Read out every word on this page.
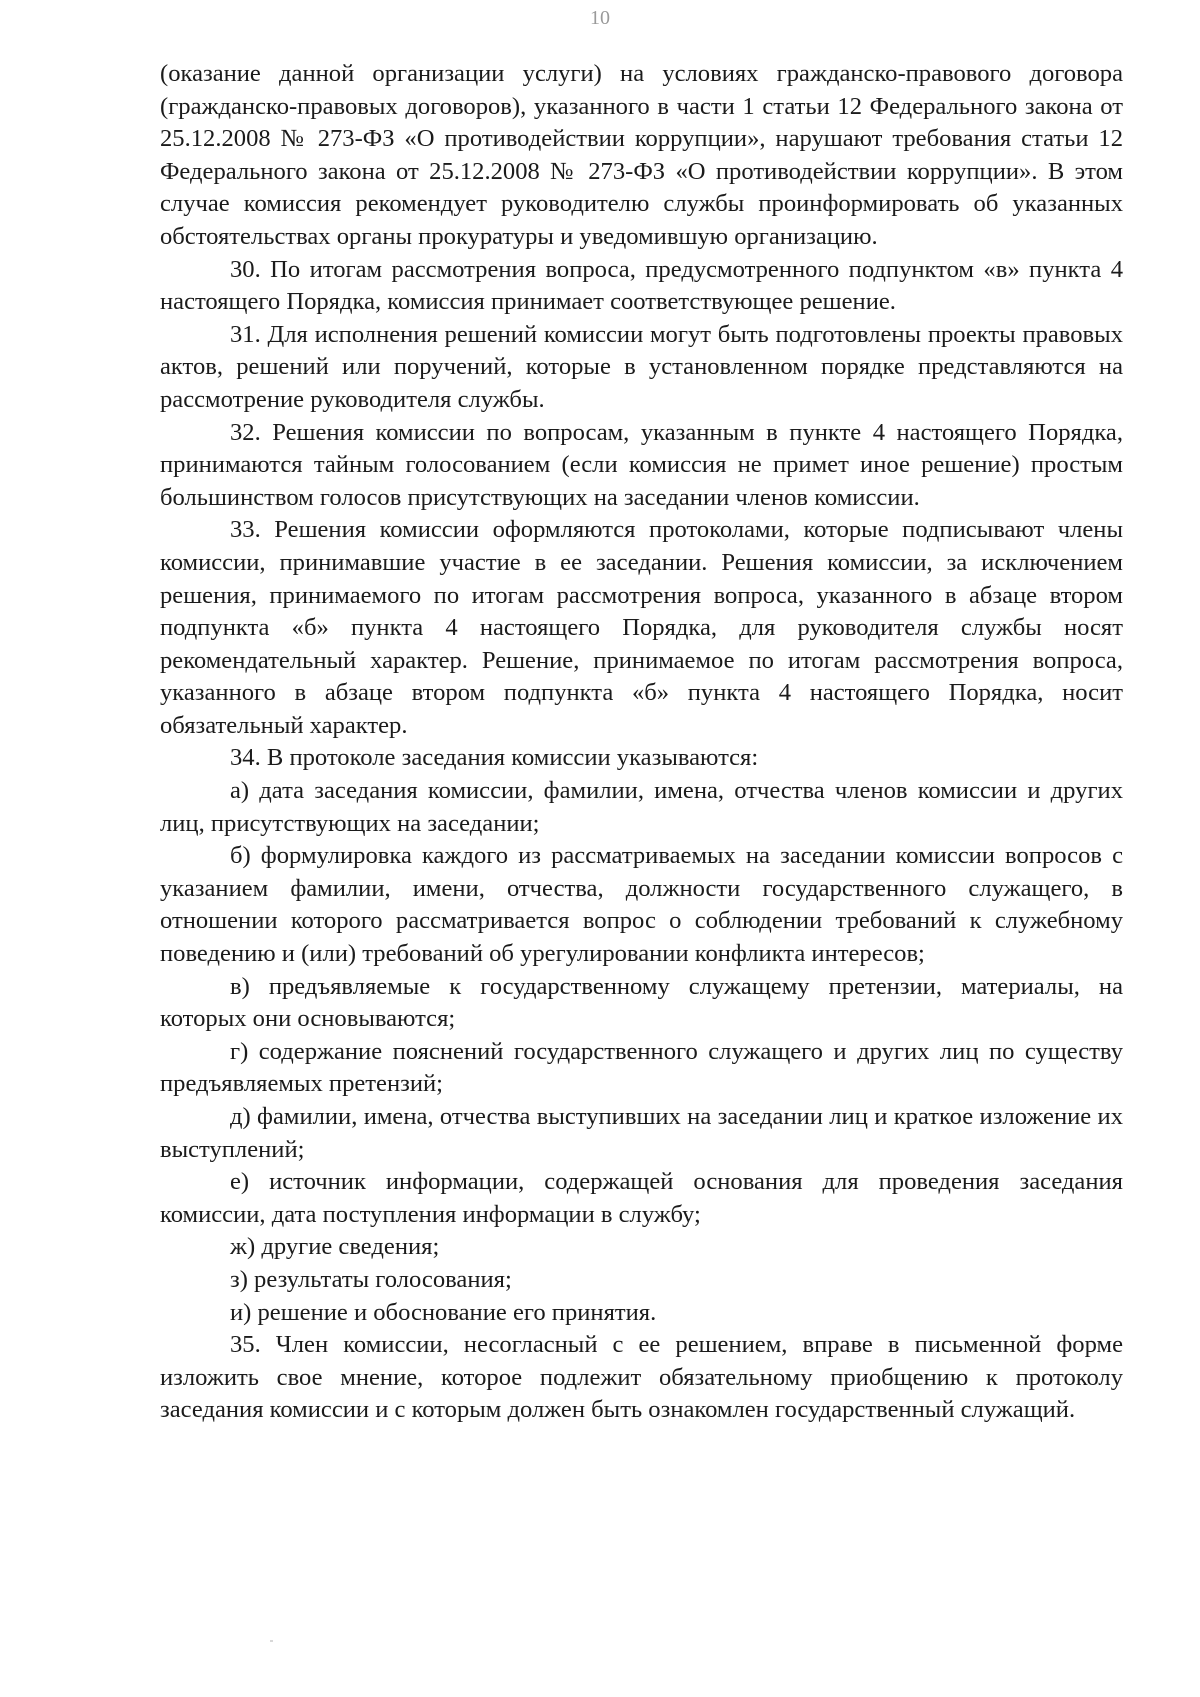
10

(оказание данной организации услуги) на условиях гражданско-правового договора (гражданско-правовых договоров), указанного в части 1 статьи 12 Федерального закона от 25.12.2008 № 273-ФЗ «О противодействии коррупции», нарушают требования статьи 12 Федерального закона от 25.12.2008 № 273-ФЗ «О противодействии коррупции». В этом случае комиссия рекомендует руководителю службы проинформировать об указанных обстоятельствах органы прокуратуры и уведомившую организацию.

30. По итогам рассмотрения вопроса, предусмотренного подпунктом «в» пункта 4 настоящего Порядка, комиссия принимает соответствующее решение.

31. Для исполнения решений комиссии могут быть подготовлены проекты правовых актов, решений или поручений, которые в установленном порядке представляются на рассмотрение руководителя службы.

32. Решения комиссии по вопросам, указанным в пункте 4 настоящего Порядка, принимаются тайным голосованием (если комиссия не примет иное решение) простым большинством голосов присутствующих на заседании членов комиссии.

33. Решения комиссии оформляются протоколами, которые подписывают члены комиссии, принимавшие участие в ее заседании. Решения комиссии, за исключением решения, принимаемого по итогам рассмотрения вопроса, указанного в абзаце втором подпункта «б» пункта 4 настоящего Порядка, для руководителя службы носят рекомендательный характер. Решение, принимаемое по итогам рассмотрения вопроса, указанного в абзаце втором подпункта «б» пункта 4 настоящего Порядка, носит обязательный характер.

34. В протоколе заседания комиссии указываются:

а) дата заседания комиссии, фамилии, имена, отчества членов комиссии и других лиц, присутствующих на заседании;

б) формулировка каждого из рассматриваемых на заседании комиссии вопросов с указанием фамилии, имени, отчества, должности государственного служащего, в отношении которого рассматривается вопрос о соблюдении требований к служебному поведению и (или) требований об урегулировании конфликта интересов;

в) предъявляемые к государственному служащему претензии, материалы, на которых они основываются;

г) содержание пояснений государственного служащего и других лиц по существу предъявляемых претензий;

д) фамилии, имена, отчества выступивших на заседании лиц и краткое изложение их выступлений;

е) источник информации, содержащей основания для проведения заседания комиссии, дата поступления информации в службу;

ж) другие сведения;

з) результаты голосования;

и) решение и обоснование его принятия.

35. Член комиссии, несогласный с ее решением, вправе в письменной форме изложить свое мнение, которое подлежит обязательному приобщению к протоколу заседания комиссии и с которым должен быть ознакомлен государственный служащий.
